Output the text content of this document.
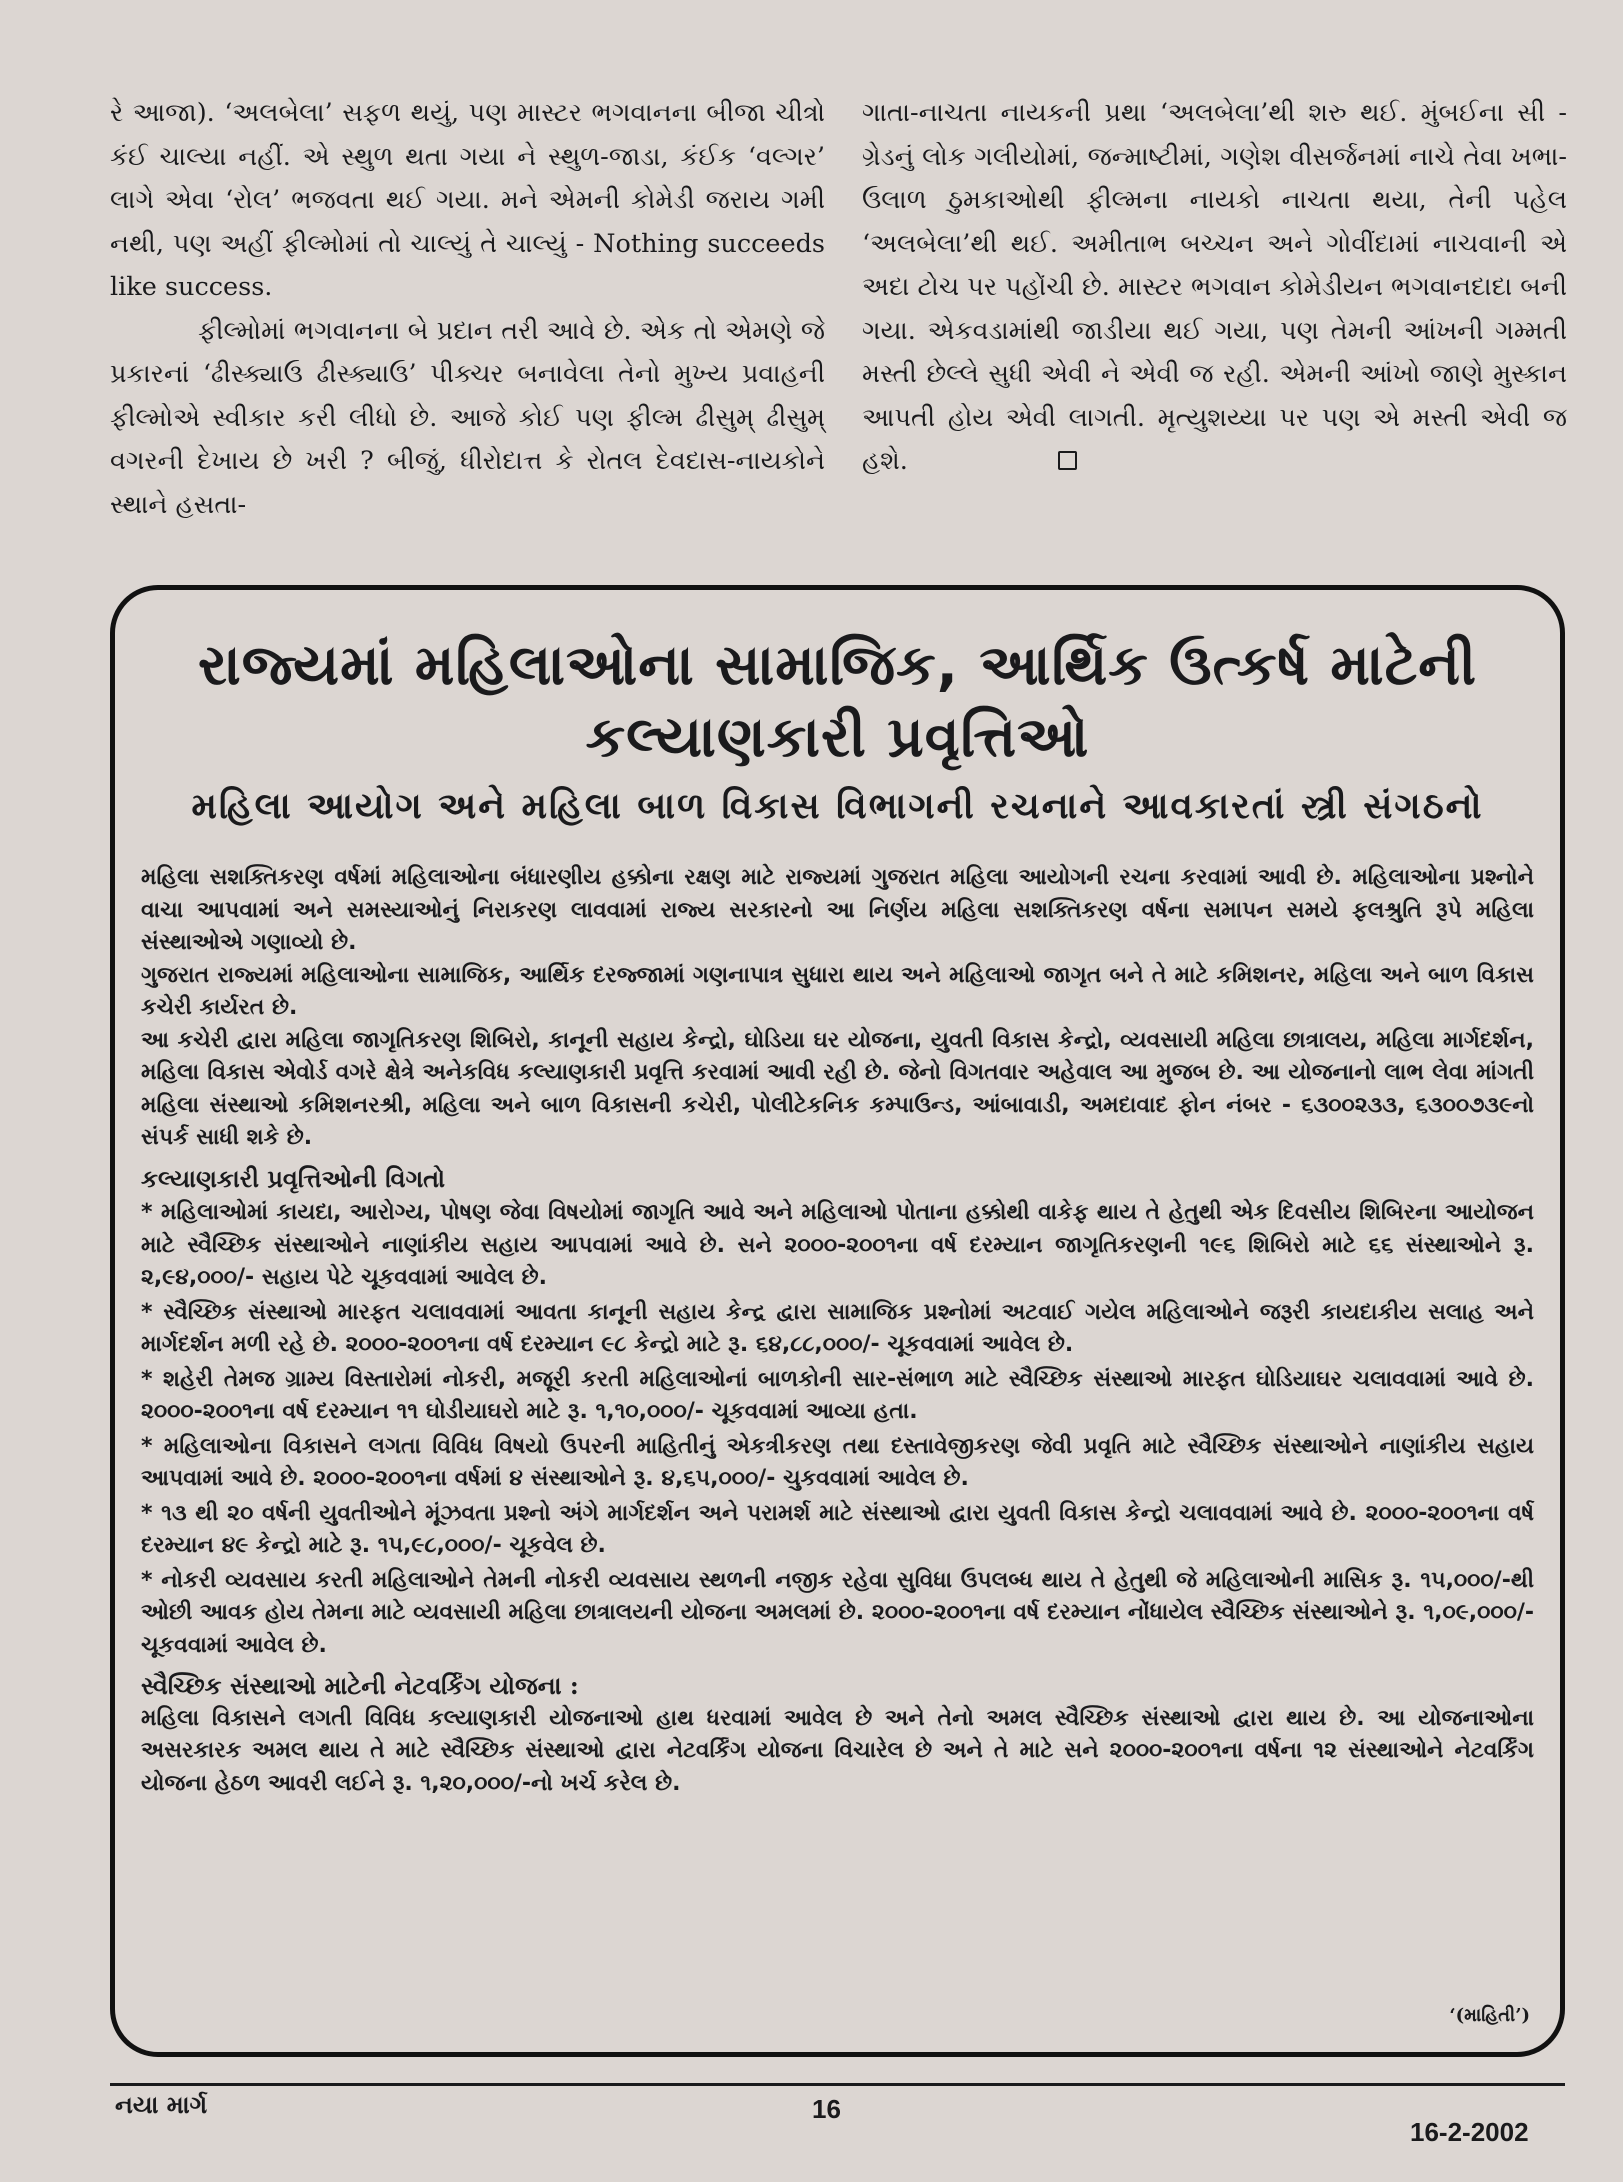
રે આજા). ‘અલબેલા’ સફળ થયું, પણ માસ્ટર ભગવાનના બીજા ચીત્રો કંઈ ચાલ્યા નહીં. એ સ્થુળ થતા ગયા ને સ્થુળ-જાડા, કંઈક ‘વલ્ગર’ લાગે એવા ‘રોલ’ ભજવતા થઈ ગયા. મને એમની કોમેડી જરાય ગમી નથી, પણ અહીં ફીલ્મોમાં તો ચાલ્યું તે ચાલ્યું - Nothing succeeds like success.

ફીલ્મોમાં ભગવાનના બે પ્રદાન તરી આવે છે. એક તો એમણે જે પ્રકારનાં ‘ઢીસ્ક્યાઉ ઢીસ્ક્યાઉ’ પીક્ચર બનાવેલા તેનો મુખ્ય પ્રવાહની ફીલ્મોએ સ્વીકાર કરી લીધો છે. આજે કોઈ પણ ફીલ્મ ઢીસુમ્ ઢીસુમ્ વગરની દેખાય છે ખરી ? બીજું, ધીરોદાત્ત કે રોતલ દેવદાસ-નાયકોને સ્થાને હસતા-

ગાતા-નાચતા નાયકની પ્રથા ‘અલબેલા’થી શરુ થઈ. મુંબઈના સી - ગ્રેડનું લોક ગલીયોમાં, જન્માષ્ટીમાં, ગણેશ વીસર્જનમાં નાચે તેવા ખભા-ઉલાળ ઠુમકાઓથી ફીલ્મના નાયકો નાચતા થયા, તેની પહેલ ‘અલબેલા’થી થઈ. અમીતાભ બચ્ચન અને ગોવીંદામાં નાચવાની એ અદા ટોચ પર પહોંચી છે. માસ્ટર ભગવાન કોમેડીયન ભગવાનદાદા બની ગયા. એકવડામાંથી જાડીયા થઈ ગયા, પણ તેમની આંખની ગમ્મતી મસ્તી છેલ્લે સુધી એવી ને એવી જ રહી. એમની આંખો જાણે મુસ્કાન આપતી હોય એવી લાગતી. મૃત્યુશય્યા પર પણ એ મસ્તી એવી જ હશે.

રાજ્યમાં મહિલાઓના સામાજિક, આર્થિક ઉત્કર્ષ માટેની
કલ્યાણકારી પ્રવૃત્તિઓ
મહિલા આયોગ અને મહિલા બાળ વિકાસ વિભાગની રચનાને આવકારતાં સ્ત્રી સંગઠનો

મહિલા સશક્તિકરણ વર્ષમાં મહિલાઓના બંધારણીય હક્કોના રક્ષણ માટે રાજ્યમાં ગુજરાત મહિલા આયોગની રચના કરવામાં આવી છે. મહિલાઓના પ્રશ્નોને વાચા આપવામાં અને સમસ્યાઓનું નિરાકરણ લાવવામાં રાજ્ય સરકારનો આ નિર્ણય મહિલા સશક્તિકરણ વર્ષના સમાપન સમયે ફલશ્રુતિ રૂપે મહિલા સંસ્થાઓએ ગણાવ્યો છે.

ગુજરાત રાજ્યમાં મહિલાઓના સામાજિક, આર્થિક દરજ્જામાં ગણનાપાત્ર સુધારા થાય અને મહિલાઓ જાગૃત બને તે માટે કમિશનર, મહિલા અને બાળ વિકાસ કચેરી કાર્યરત છે.

આ કચેરી દ્વારા મહિલા જાગૃતિકરણ શિબિરો, કાનૂની સહાય કેન્દ્રો, ઘોડિયા ઘર યોજના, યુવતી વિકાસ કેન્દ્રો, વ્યવસાયી મહિલા છાત્રાલય, મહિલા માર્ગદર્શન, મહિલા વિકાસ એવોર્ડ વગરે ક્ષેત્રે અનેકવિધ કલ્યાણકારી પ્રવૃત્તિ કરવામાં આવી રહી છે. જેનો વિગતવાર અહેવાલ આ મુજબ છે. આ યોજનાનો લાભ લેવા માંગતી મહિલા સંસ્થાઓ કમિશનરશ્રી, મહિલા અને બાળ વિકાસની કચેરી, પોલીટેકનિક કમ્પાઉન્ડ, આંબાવાડી, અમદાવાદ ફોન નંબર - ૬૩૦૦૨૩૩, ૬૩૦૦૭૩૯નો સંપર્ક સાધી શકે છે.

કલ્યાણકારી પ્રવૃત્તિઓની વિગતો

* મહિલાઓમાં કાયદા, આરોગ્ય, પોષણ જેવા વિષયોમાં જાગૃતિ આવે અને મહિલાઓ પોતાના હક્કોથી વાકેફ થાય તે હેતુથી એક દિવસીય શિબિરના આયોજન માટે સ્વૈચ્છિક સંસ્થાઓને નાણાંકીય સહાય આપવામાં આવે છે. સને ૨૦૦૦-૨૦૦૧ના વર્ષ દરમ્યાન જાગૃતિકરણની ૧૯૬ શિબિરો માટે ૬૬ સંસ્થાઓને રૂ. ૨,૯૪,૦૦૦/- સહાય પેટે ચૂકવવામાં આવેલ છે.

* સ્વૈચ્છિક સંસ્થાઓ મારફત ચલાવવામાં આવતા કાનૂની સહાય કેન્દ્ર દ્વારા સામાજિક પ્રશ્નોમાં અટવાઈ ગયેલ મહિલાઓને જરૂરી કાયદાકીય સલાહ અને માર્ગદર્શન મળી રહે છે. ૨૦૦૦-૨૦૦૧ના વર્ષ દરમ્યાન ૯૮ કેન્દ્રો માટે રૂ. ૬૪,૮૮,૦૦૦/- ચૂકવવામાં આવેલ છે.

* શહેરી તેમજ ગ્રામ્ય વિસ્તારોમાં નોકરી, મજૂરી કરતી મહિલાઓનાં બાળકોની સાર-સંભાળ માટે સ્વૈચ્છિક સંસ્થાઓ મારફત ઘોડિયાઘર ચલાવવામાં આવે છે. ૨૦૦૦-૨૦૦૧ના વર્ષ દરમ્યાન ૧૧ ઘોડીયાઘરો માટે રૂ. ૧,૧૦,૦૦૦/- ચૂકવવામાં આવ્યા હતા.

* મહિલાઓના વિકાસને લગતા વિવિધ વિષયો ઉપરની માહિતીનું એકત્રીકરણ તથા દસ્તાવેજીકરણ જેવી પ્રવૃતિ માટે સ્વૈચ્છિક સંસ્થાઓને નાણાંકીય સહાય આપવામાં આવે છે. ૨૦૦૦-૨૦૦૧ના વર્ષમાં ૪ સંસ્થાઓને રૂ. ૪,૬૫,૦૦૦/- ચુકવવામાં આવેલ છે.

* ૧૩ થી ૨૦ વર્ષની યુવતીઓને મૂંઝવતા પ્રશ્નો અંગે માર્ગદર્શન અને પરામર્શ માટે સંસ્થાઓ દ્વારા યુવતી વિકાસ કેન્દ્રો ચલાવવામાં આવે છે. ૨૦૦૦-૨૦૦૧ના વર્ષ દરમ્યાન ૪૯ કેન્દ્રો માટે રૂ. ૧૫,૯૮,૦૦૦/- ચૂકવેલ છે.

* નોકરી વ્યવસાય કરતી મહિલાઓને તેમની નોકરી વ્યવસાય સ્થળની નજીક રહેવા સુવિધા ઉપલબ્ધ થાય તે હેતુથી જે મહિલાઓની માસિક રૂ. ૧૫,૦૦૦/-થી ઓછી આવક હોય તેમના માટે વ્યવસાયી મહિલા છાત્રાલયની યોજના અમલમાં છે. ૨૦૦૦-૨૦૦૧ના વર્ષ દરમ્યાન નોંધાયેલ સ્વૈચ્છિક સંસ્થાઓને રૂ. ૧,૦૯,૦૦૦/- ચૂકવવામાં આવેલ છે.

સ્વૈચ્છિક સંસ્થાઓ માટેની નેટવર્કિંગ યોજના :

મહિલા વિકાસને લગતી વિવિધ કલ્યાણકારી યોજનાઓ હાથ ધરવામાં આવેલ છે અને તેનો અમલ સ્વૈચ્છિક સંસ્થાઓ દ્વારા થાય છે. આ યોજનાઓના અસરકારક અમલ થાય તે માટે સ્વૈચ્છિક સંસ્થાઓ દ્વારા નેટવર્કિંગ યોજના વિચારેલ છે અને તે માટે સને ૨૦૦૦-૨૦૦૧ના વર્ષના ૧૨ સંસ્થાઓને નેટવર્કિંગ યોજના હેઠળ આવરી લઈને રૂ. ૧,૨૦,૦૦૦/-નો ખર્ચ કરેલ છે.

‘(માહિતી’)
નયા માર્ગ	16
16-2-2002
